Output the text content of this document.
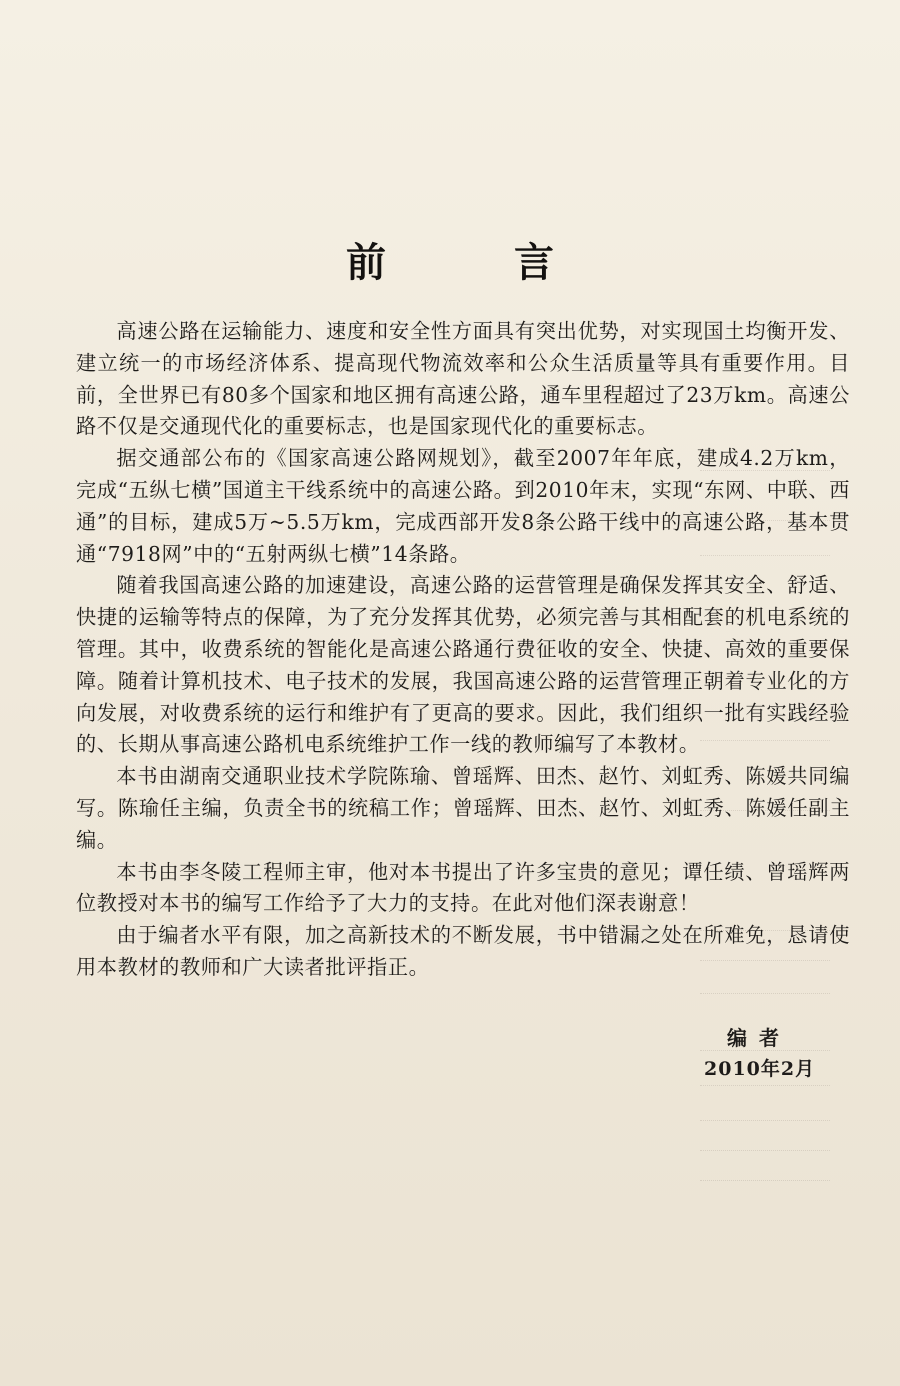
前　言

高速公路在运输能力、速度和安全性方面具有突出优势，对实现国土均衡开发、建立统一的市场经济体系、提高现代物流效率和公众生活质量等具有重要作用。目前，全世界已有80多个国家和地区拥有高速公路，通车里程超过了23万km。高速公路不仅是交通现代化的重要标志，也是国家现代化的重要标志。

据交通部公布的《国家高速公路网规划》，截至2007年年底，建成4.2万km，完成“五纵七横”国道主干线系统中的高速公路。到2010年末，实现“东网、中联、西通”的目标，建成5万~5.5万km，完成西部开发8条公路干线中的高速公路，基本贯通“7918网”中的“五射两纵七横”14条路。

随着我国高速公路的加速建设，高速公路的运营管理是确保发挥其安全、舒适、快捷的运输等特点的保障，为了充分发挥其优势，必须完善与其相配套的机电系统的管理。其中，收费系统的智能化是高速公路通行费征收的安全、快捷、高效的重要保障。随着计算机技术、电子技术的发展，我国高速公路的运营管理正朝着专业化的方向发展，对收费系统的运行和维护有了更高的要求。因此，我们组织一批有实践经验的、长期从事高速公路机电系统维护工作一线的教师编写了本教材。

本书由湖南交通职业技术学院陈瑜、曾瑶辉、田杰、赵竹、刘虹秀、陈媛共同编写。陈瑜任主编，负责全书的统稿工作；曾瑶辉、田杰、赵竹、刘虹秀、陈媛任副主编。

本书由李冬陵工程师主审，他对本书提出了许多宝贵的意见；谭任绩、曾瑶辉两位教授对本书的编写工作给予了大力的支持。在此对他们深表谢意！

由于编者水平有限，加之高新技术的不断发展，书中错漏之处在所难免，恳请使用本教材的教师和广大读者批评指正。

编者
2010年2月
